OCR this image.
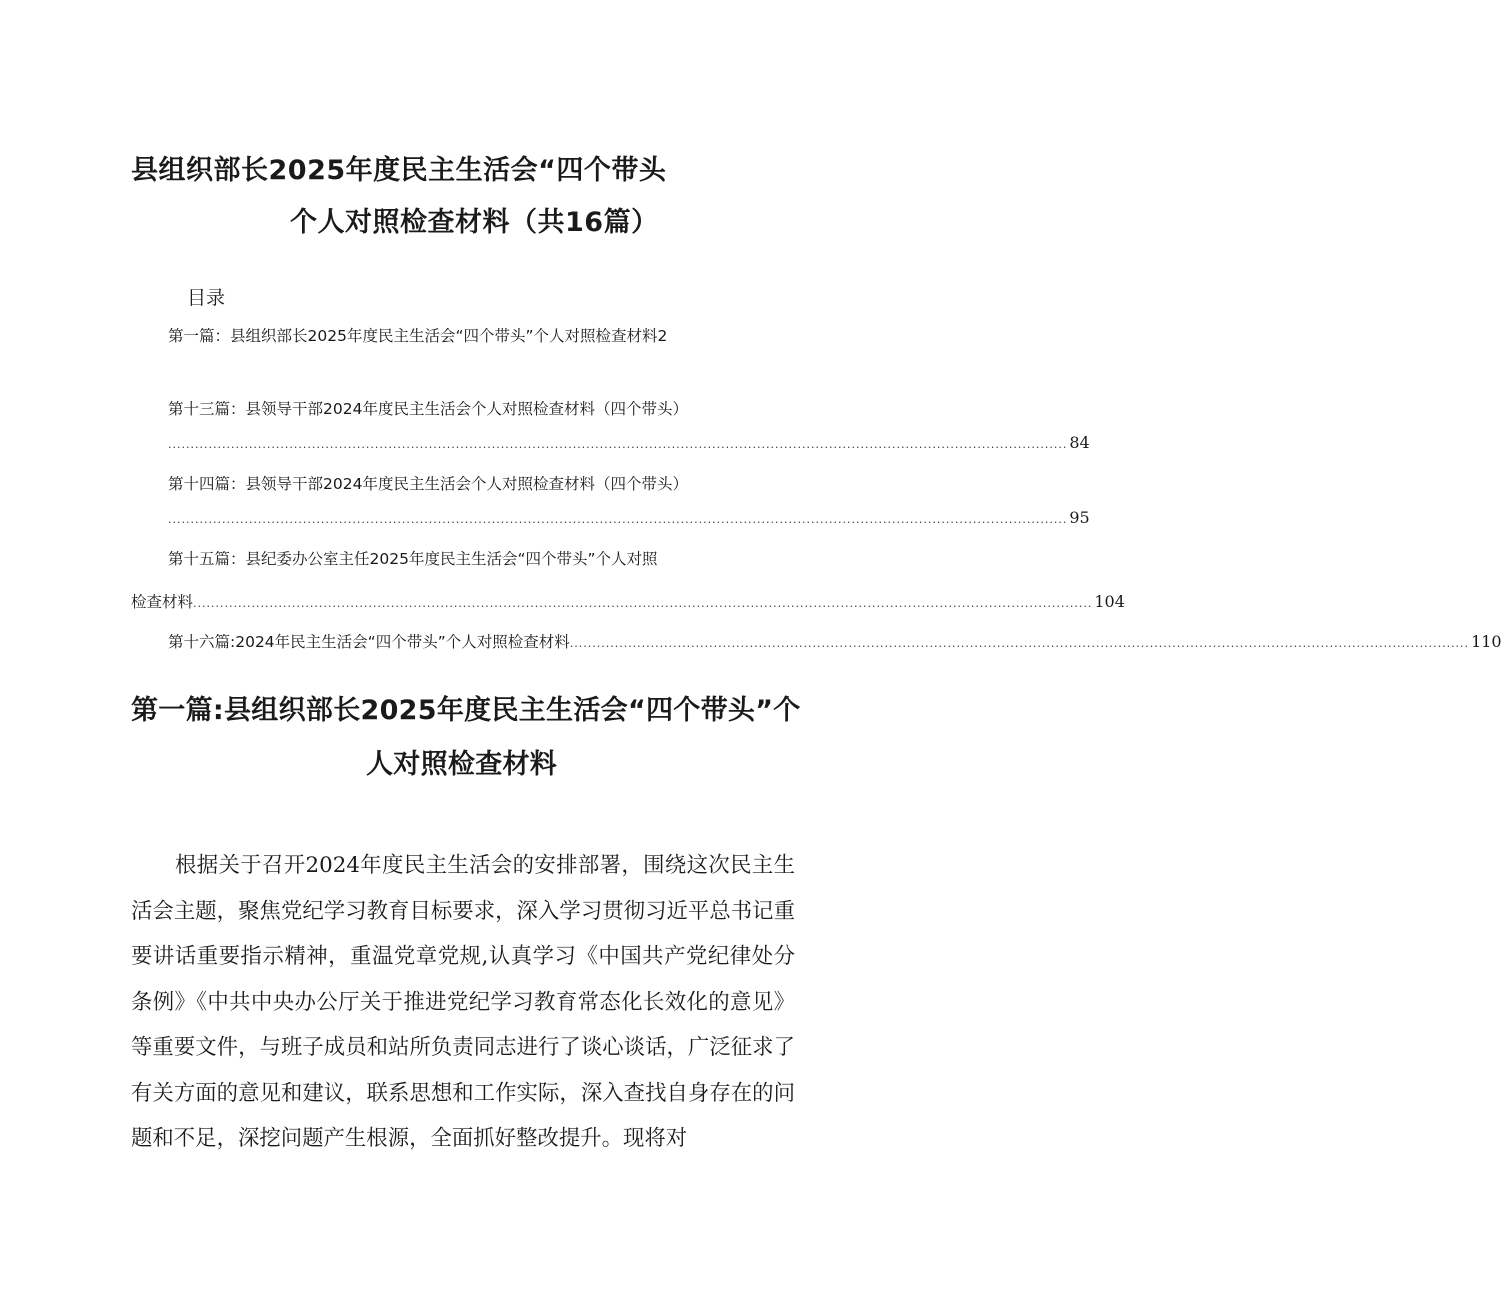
县组织部长2025年度民主生活会“四个带头
个人对照检查材料（共16篇）
目录
第一篇：县组织部长2025年度民主生活会“四个带头”个人对照检查材料2
第十三篇：县领导干部2024年度民主生活会个人对照检查材料（四个带头）
........................................................................................................................................................................................................ 84
第十四篇：县领导干部2024年度民主生活会个人对照检查材料（四个带头）
........................................................................................................................................................................................................ 95
第十五篇：县纪委办公室主任2025年度民主生活会“四个带头”个人对照
检查材料 ........................................................................................................................................................................................................ 104
第十六篇:2024年民主生活会“四个带头”个人对照检查材料 ........................................................................................................................................................................................................ 110
第一篇:县组织部长2025年度民主生活会“四个带头”个
人对照检查材料

根据关于召开2024年度民主生活会的安排部署，围绕这次民主生活会主题，聚焦党纪学习教育目标要求，深入学习贯彻习近平总书记重要讲话重要指示精神，重温党章党规,认真学习《中国共产党纪律处分条例》《中共中央办公厅关于推进党纪学习教育常态化长效化的意见》等重要文件，与班子成员和站所负责同志进行了谈心谈话，广泛征求了有关方面的意见和建议，联系思想和工作实际，深入查找自身存在的问题和不足，深挖问题产生根源，全面抓好整改提升。现将对
